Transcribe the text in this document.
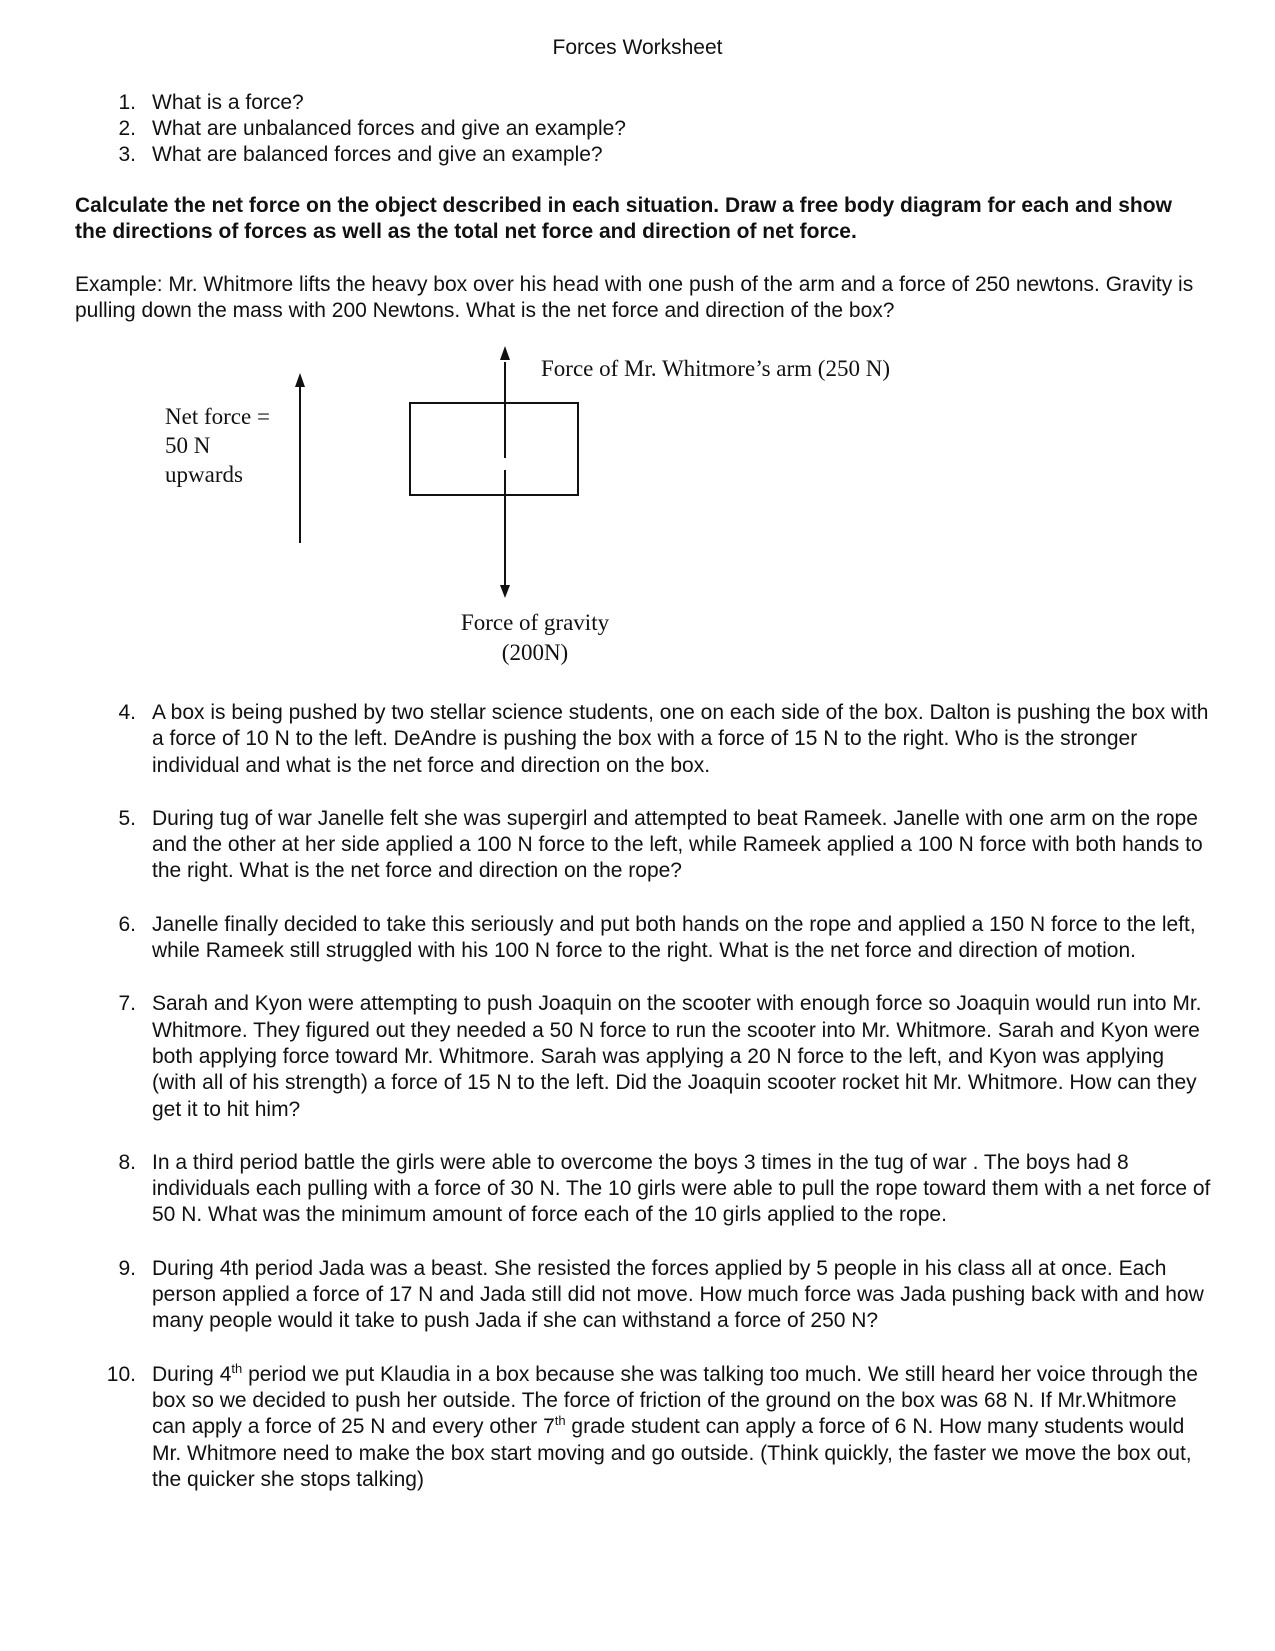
Forces Worksheet
1. What is a force?
2. What are unbalanced forces and give an example?
3. What are balanced forces and give an example?
Calculate the net force on the object described in each situation. Draw a free body diagram for each and show the directions of forces as well as the total net force and direction of net force.
Example: Mr. Whitmore lifts the heavy box over his head with one push of the arm and a force of 250 newtons. Gravity is pulling down the mass with 200 Newtons. What is the net force and direction of the box?
Force of Mr. Whitmore’s arm (250 N)
Net force =
50 N
upwards
Force of gravity
(200N)
4. A box is being pushed by two stellar science students, one on each side of the box. Dalton is pushing the box with a force of 10 N to the left. DeAndre is pushing the box with a force of 15 N to the right. Who is the stronger individual and what is the net force and direction on the box.
5. During tug of war Janelle felt she was supergirl and attempted to beat Rameek. Janelle with one arm on the rope and the other at her side applied a 100 N force to the left, while Rameek applied a 100 N force with both hands to the right. What is the net force and direction on the rope?
6. Janelle finally decided to take this seriously and put both hands on the rope and applied a 150 N force to the left, while Rameek still struggled with his 100 N force to the right. What is the net force and direction of motion.
7. Sarah and Kyon were attempting to push Joaquin on the scooter with enough force so Joaquin would run into Mr. Whitmore. They figured out they needed a 50 N force to run the scooter into Mr. Whitmore. Sarah and Kyon were both applying force toward Mr. Whitmore. Sarah was applying a 20 N force to the left, and Kyon was applying (with all of his strength) a force of 15 N to the left. Did the Joaquin scooter rocket hit Mr. Whitmore. How can they get it to hit him?
8. In a third period battle the girls were able to overcome the boys 3 times in the tug of war . The boys had 8 individuals each pulling with a force of 30 N. The 10 girls were able to pull the rope toward them with a net force of 50 N. What was the minimum amount of force each of the 10 girls applied to the rope.
9. During 4th period Jada was a beast. She resisted the forces applied by 5 people in his class all at once. Each person applied a force of 17 N and Jada still did not move. How much force was Jada pushing back with and how many people would it take to push Jada if she can withstand a force of 250 N?
10. During 4th period we put Klaudia in a box because she was talking too much. We still heard her voice through the box so we decided to push her outside. The force of friction of the ground on the box was 68 N. If Mr.Whitmore can apply a force of 25 N and every other 7th grade student can apply a force of 6 N. How many students would Mr. Whitmore need to make the box start moving and go outside. (Think quickly, the faster we move the box out, the quicker she stops talking)
